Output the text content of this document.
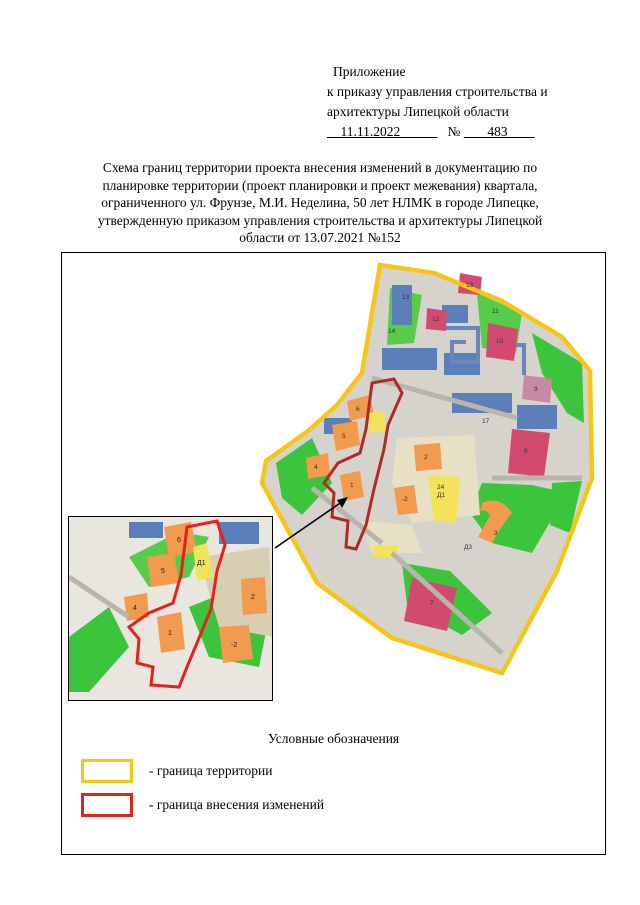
Приложение
к приказу управления строительства и
архитектуры Липецкой области
11.11.2022	№ 483
Схема границ территории проекта внесения изменений в документацию по
планировке территории (проект планировки и проект межевания) квартала,
ограниченного ул. Фрунзе, М.И. Неделина, 50 лет НЛМК в городе Липецке,
утвержденную приказом управления строительства и архитектуры Липецкой
области от 13.07.2021 №152
13
14
13
12
11
10
9
17
8
6
5
2
4
24
Д1
-2
1
3
Д3
7
6
5
4
1
2
-2
Д1
Условные обозначения
- граница территории
- граница внесения изменений
